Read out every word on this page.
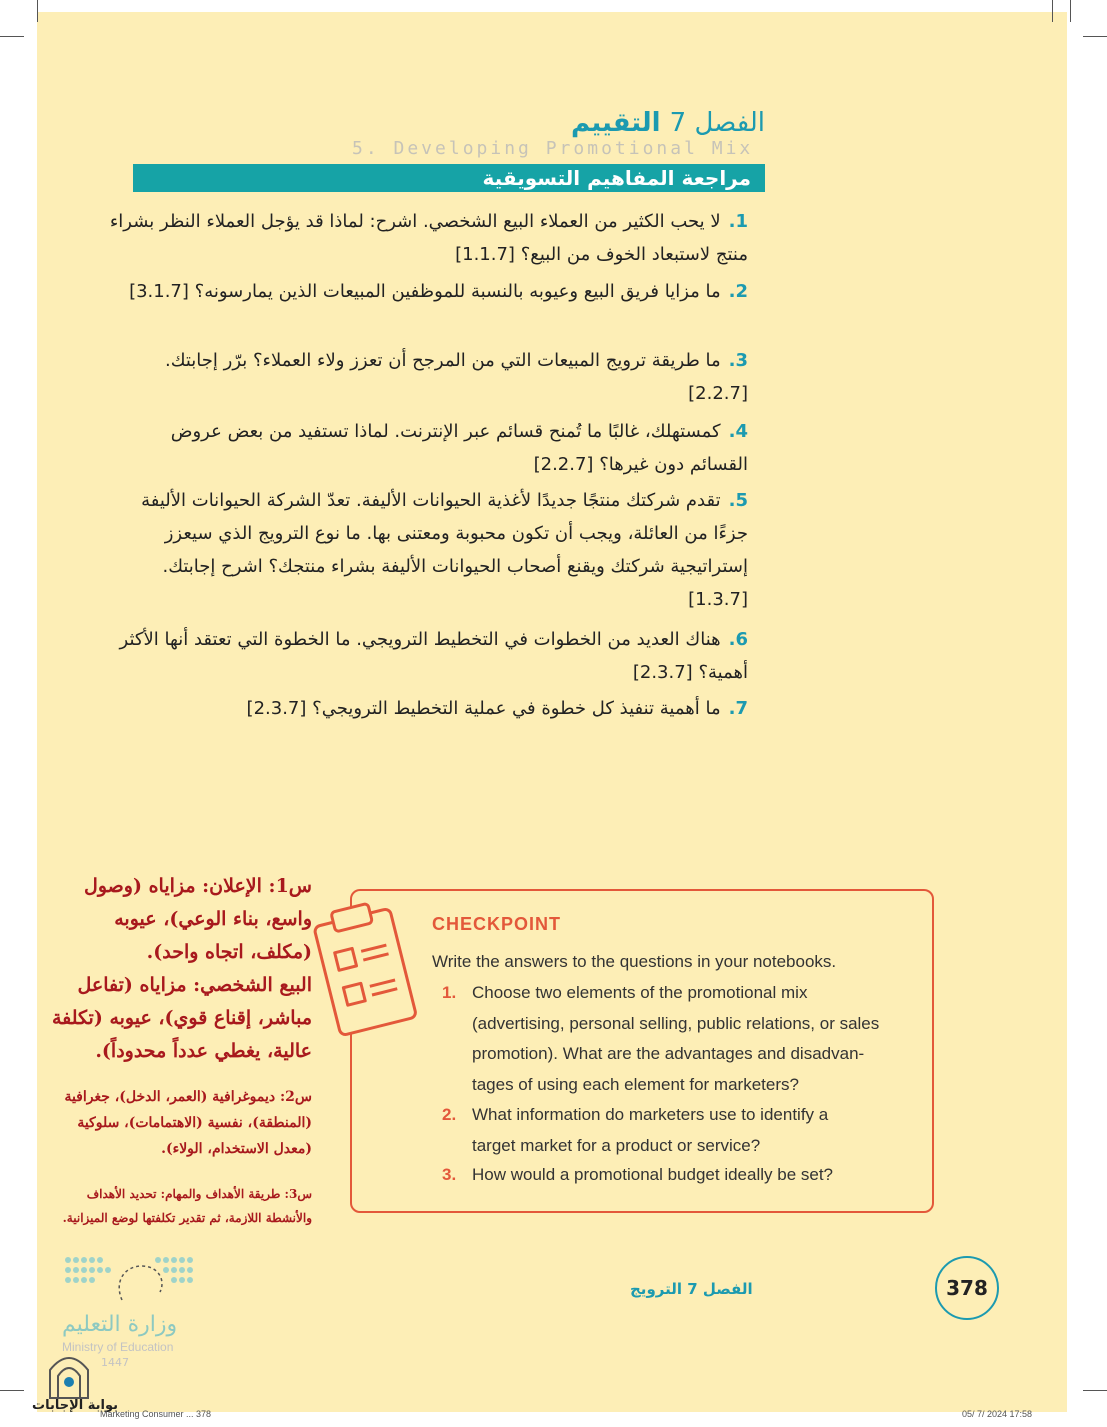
الفصل 7 التقييم
5. Developing Promotional Mix
مراجعة المفاهيم التسويقية
1.لا يحب الكثير من العملاء البيع الشخصي. اشرح: لماذا قد يؤجل العملاء النظر بشراء منتج لاستبعاد الخوف من البيع؟ [1.1.7]
2.ما مزايا فريق البيع وعيوبه بالنسبة للموظفين المبيعات الذين يمارسونه؟ [3.1.7]
3.ما طريقة ترويج المبيعات التي من المرجح أن تعزز ولاء العملاء؟ برّر إجابتك. [2.2.7]
4.كمستهلك، غالبًا ما تُمنح قسائم عبر الإنترنت. لماذا تستفيد من بعض عروض القسائم دون غيرها؟ [2.2.7]
5.تقدم شركتك منتجًا جديدًا لأغذية الحيوانات الأليفة. تعدّ الشركة الحيوانات الأليفة جزءًا من العائلة، ويجب أن تكون محبوبة ومعتنى بها. ما نوع الترويج الذي سيعزز إستراتيجية شركتك ويقنع أصحاب الحيوانات الأليفة بشراء منتجك؟ اشرح إجابتك. [1.3.7]
6.هناك العديد من الخطوات في التخطيط الترويجي. ما الخطوة التي تعتقد أنها الأكثر أهمية؟ [2.3.7]
7.ما أهمية تنفيذ كل خطوة في عملية التخطيط الترويجي؟ [2.3.7]
س1: الإعلان: مزاياه (وصول
واسع، بناء الوعي)، عيوبه
(مكلف، اتجاه واحد).
البيع الشخصي: مزاياه (تفاعل
مباشر، إقناع قوي)، عيوبه (تكلفة
عالية، يغطي عدداً محدوداً).
س2: ديموغرافية (العمر، الدخل)، جغرافية
(المنطقة)، نفسية (الاهتمامات)، سلوكية
(معدل الاستخدام، الولاء).
س3: طريقة الأهداف والمهام: تحديد الأهداف
والأنشطة اللازمة، ثم تقدير تكلفتها لوضع الميزانية.
CHECKPOINT
Write the answers to the questions in your notebooks.
1. Choose two elements of the promotional mix
(advertising, personal selling, public relations, or sales
promotion). What are the advantages and disadvan-
tages of using each element for marketers?
2. What information do marketers use to identify a
target market for a product or service?
3. How would a promotional budget ideally be set?
378
الفصل 7 الترويج
وزارة التعليم
Ministry of Education
1447
بوابة الإجابات
Marketing Consumer ... 378	05/ 7/ 2024 17:58
